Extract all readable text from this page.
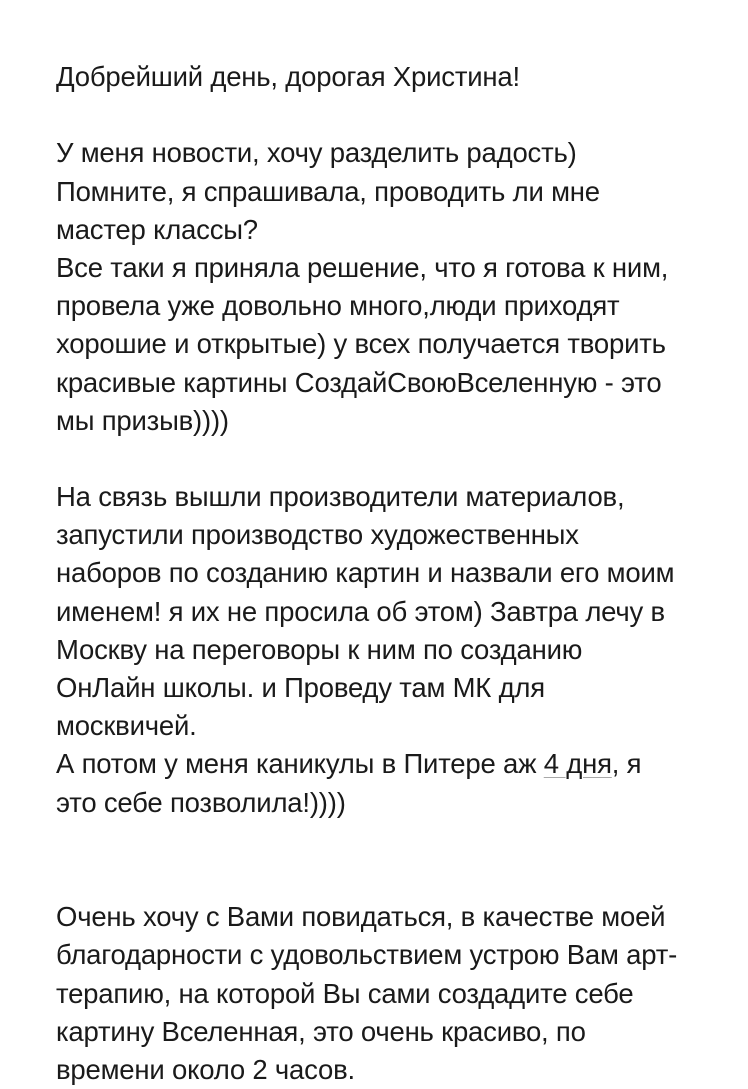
Добрейший день, дорогая Христина!
У меня новости, хочу разделить радость)
Помните, я спрашивала, проводить ли мне
мастер классы?
Все таки я приняла решение, что я готова к ним,
провела уже довольно много,люди приходят
хорошие и открытые) у всех получается творить
красивые картины СоздайСвоюВселенную - это
мы призыв))))
На связь вышли производители материалов,
запустили производство художественных
наборов по созданию картин и назвали его моим
именем! я их не просила об этом) Завтра лечу в
Москву на переговоры к ним по созданию
ОнЛайн школы. и Проведу там МК для
москвичей.
А потом у меня каникулы в Питере аж 4 дня, я
это себе позволила!))))
Очень хочу с Вами повидаться, в качестве моей
благодарности с удовольствием устрою Вам арт-
терапию, на которой Вы сами создадите себе
картину Вселенная, это очень красиво, по
времени около 2 часов.
